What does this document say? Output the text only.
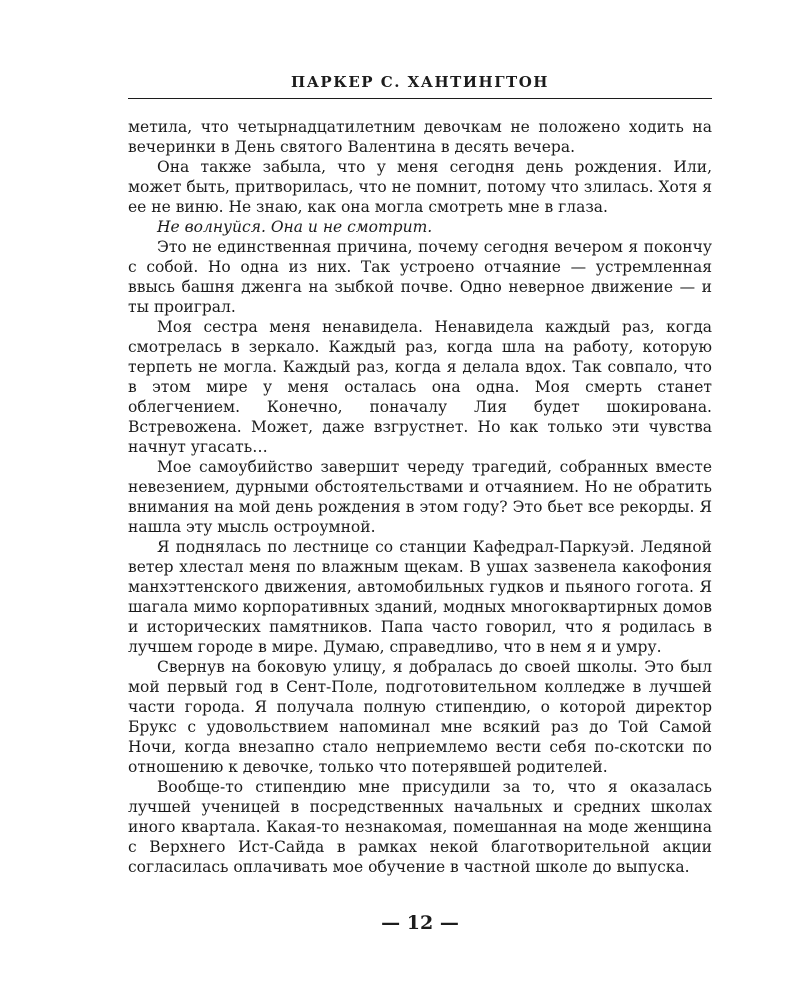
ПАРКЕР С. ХАНТИНГТОН

метила, что четырнадцатилетним девочкам не положено ходить на вечеринки в День святого Валентина в десять вечера.

Она также забыла, что у меня сегодня день рождения. Или, может быть, притворилась, что не помнит, потому что злилась. Хотя я ее не виню. Не знаю, как она могла смотреть мне в глаза.

Не волнуйся. Она и не смотрит.

Это не единственная причина, почему сегодня вечером я покончу с собой. Но одна из них. Так устроено отчаяние — устремленная ввысь башня дженга на зыбкой почве. Одно неверное движение — и ты проиграл.

Моя сестра меня ненавидела. Ненавидела каждый раз, когда смотрелась в зеркало. Каждый раз, когда шла на работу, которую терпеть не могла. Каждый раз, когда я делала вдох. Так совпало, что в этом мире у меня осталась она одна. Моя смерть станет облегчением. Конечно, поначалу Лия будет шокирована. Встревожена. Может, даже взгрустнет. Но как только эти чувства начнут угасать…

Мое самоубийство завершит череду трагедий, собранных вместе невезением, дурными обстоятельствами и отчаянием. Но не обратить внимания на мой день рождения в этом году? Это бьет все рекорды. Я нашла эту мысль остроумной.

Я поднялась по лестнице со станции Кафедрал-Паркуэй. Ледяной ветер хлестал меня по влажным щекам. В ушах зазвенела какофония манхэттенского движения, автомобильных гудков и пьяного гогота. Я шагала мимо корпоративных зданий, модных многоквартирных домов и исторических памятников. Папа часто говорил, что я родилась в лучшем городе в мире. Думаю, справедливо, что в нем я и умру.

Свернув на боковую улицу, я добралась до своей школы. Это был мой первый год в Сент-Поле, подготовительном колледже в лучшей части города. Я получала полную стипендию, о которой директор Брукс с удовольствием напоминал мне всякий раз до Той Самой Ночи, когда внезапно стало неприемлемо вести себя по-скотски по отношению к девочке, только что потерявшей родителей.

Вообще-то стипендию мне присудили за то, что я оказалась лучшей ученицей в посредственных начальных и средних школах иного квартала. Какая-то незнакомая, помешанная на моде женщина с Верхнего Ист-Сайда в рамках некой благотворительной акции согласилась оплачивать мое обучение в частной школе до выпуска.

— 12 —
